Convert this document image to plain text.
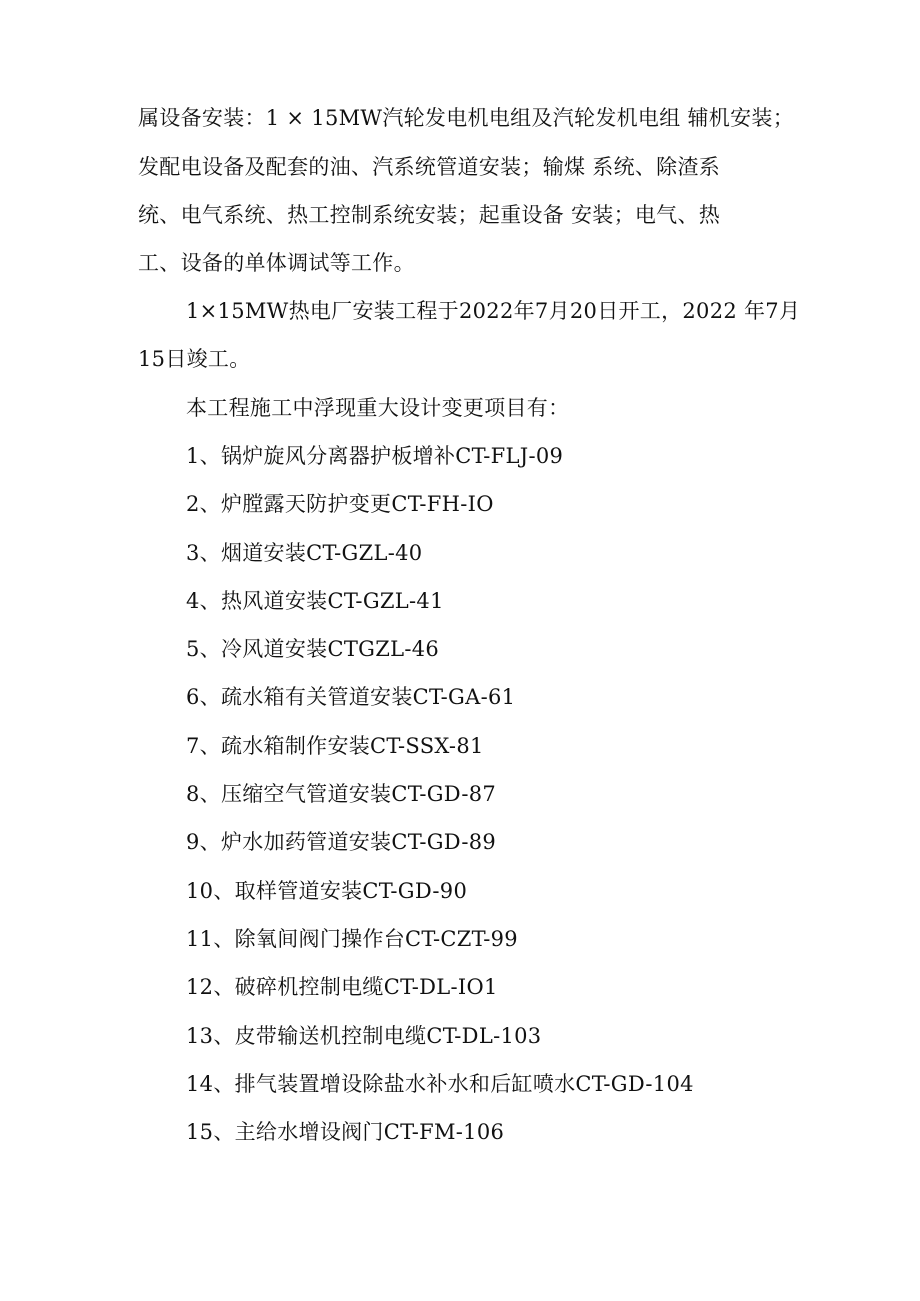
属设备安装：1 × 15MW汽轮发电机电组及汽轮发机电组 辅机安装；
发配电设备及配套的油、汽系统管道安装；输煤 系统、除渣系
统、电气系统、热工控制系统安装；起重设备 安装；电气、热
工、设备的单体调试等工作。
1×15MW热电厂安装工程于2022年7月20日开工，2022 年7月
15日竣工。
本工程施工中浮现重大设计变更项目有：
1、锅炉旋风分离器护板增补CT-FLJ-09
2、炉膛露天防护变更CT-FH-IO
3、烟道安装CT-GZL-40
4、热风道安装CT-GZL-41
5、冷风道安装CTGZL-46
6、疏水箱有关管道安装CT-GA-61
7、疏水箱制作安装CT-SSX-81
8、压缩空气管道安装CT-GD-87
9、炉水加药管道安装CT-GD-89
10、取样管道安装CT-GD-90
11、除氧间阀门操作台CT-CZT-99
12、破碎机控制电缆CT-DL-IO1
13、皮带输送机控制电缆CT-DL-103
14、排气装置增设除盐水补水和后缸喷水CT-GD-104
15、主给水增设阀门CT-FM-106
